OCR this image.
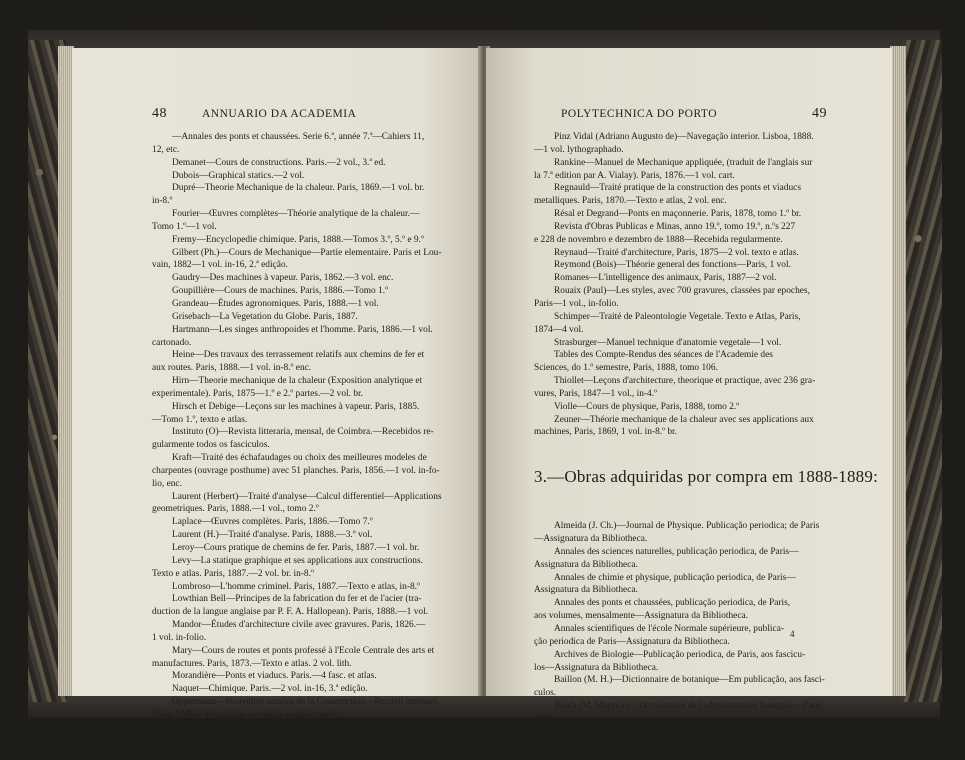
48	ANNUARIO DA ACADEMIA
—Annales des ponts et chaussées. Serie 6.ª, année 7.ª—Cahiers 11,
12, etc.
Demanet—Cours de constructions. Paris.—2 vol., 3.ª ed.
Dubois—Graphical statics.—2 vol.
Dupré—Theorie Mechanique de la chaleur. Paris, 1869.—1 vol. br.
in-8.º
Fourier—Œuvres complètes—Théorie analytique de la chaleur.—
Tomo 1.º—1 vol.
Fremy—Encyclopedie chimique. Paris, 1888.—Tomos 3.º, 5.º e 9.º
Gilbert (Ph.)—Cours de Mechanique—Partie elementaire. Paris et Lou-
vain, 1882—1 vol. in-16, 2.ª edição.
Gaudry—Des machines à vapeur. Paris, 1862.—3 vol. enc.
Goupillière—Cours de machines. Paris, 1886.—Tomo 1.º
Grandeau—Études agronomiques. Paris, 1888.—1 vol.
Grisebach—La Vegetation du Globe. Paris, 1887.
Hartmann—Les singes anthropoides et l'homme. Paris, 1886.—1 vol.
cartonado.
Heine—Des travaux des terrassement relatifs aux chemins de fer et
aux routes. Paris, 1888.—1 vol. in-8.º enc.
Hirn—Theorie mechanique de la chaleur (Exposition analytique et
experimentale). Paris, 1875—1.º e 2.º partes.—2 vol. br.
Hirsch et Debige—Leçons sur les machines à vapeur. Paris, 1885.
—Tomo 1.º, texto e atlas.
Instituto (O)—Revista litteraria, mensal, de Coimbra.—Recebidos re-
gularmente todos os fasciculos.
Kraft—Traité des échafaudages ou choix des meilleures modeles de
charpentes (ouvrage posthume) avec 51 planches. Paris, 1856.—1 vol. in-fo-
lio, enc.
Laurent (Herbert)—Traité d'analyse—Calcul differentiel—Applications
geometriques. Paris, 1888.—1 vol., tomo 2.º
Laplace—Œuvres complètes. Paris, 1886.—Tomo 7.º
Laurent (H.)—Traité d'analyse. Paris, 1888.—3.º vol.
Leroy—Cours pratique de chemins de fer. Paris, 1887.—1 vol. br.
Levy—La statique graphique et ses applications aux constructions.
Texto e atlas. Paris, 1887.—2 vol. br. in-8.º
Lombroso—L'homme criminel. Paris, 1887.—Texto e atlas, in-8.º
Lowthian Bell—Principes de la fabrication du fer et de l'acier (tra-
duction de la langue anglaise par P. F. A. Hallopean). Paris, 1888.—1 vol.
Mandor—Études d'architecture civile avec gravures. Paris, 1826.—
1 vol. in-folio.
Mary—Cours de routes et ponts professé à l'Ecole Centrale des arts et
manufactures. Paris, 1873.—Texto e atlas. 2 vol. lith.
Morandière—Ponts et viaducs. Paris.—4 fasc. et atlas.
Naquet—Chimique. Paris.—2 vol. in-16, 3.ª edição.
Oppermann—Nouvelles annales de la Construction—Recueil mensuel.
Paris, 1888.—Fasciculos recebidos regularmente.
—Portefeuille economique des Machines.—Idem.
Perquen et Damien—Introduction à la Physique experimentale.
Paris, 1888.—1 vol.
POLYTECHNICA DO PORTO	49
Pinz Vidal (Adriano Augusto de)—Navegação interior. Lisboa, 1888.
—1 vol. lythographado.
Rankine—Manuel de Mechanique appliquée, (traduit de l'anglais sur
la 7.ª edition par A. Vialay). Paris, 1876.—1 vol. cart.
Regnauld—Traité pratique de la construction des ponts et viaducs
metalliques. Paris, 1870.—Texto e atlas, 2 vol. enc.
Résal et Degrand—Ponts en maçonnerie. Paris, 1878, tomo 1.º br.
Revista d'Obras Publicas e Minas, anno 19.º, tomo 19.º, n.ºs 227
e 228 de novembro e dezembro de 1888—Recebida regularmente.
Reynaud—Traité d'architecture, Paris, 1875—2 vol. texto e atlas.
Reymond (Bois)—Théorie general des fonctions—Paris, 1 vol.
Romanes—L'intelligence des animaux, Paris, 1887—2 vol.
Rouaix (Paul)—Les styles, avec 700 gravures, classées par epoches,
Paris—1 vol., in-folio.
Schimper—Traité de Paleontologie Vegetale. Texto e Atlas, Paris,
1874—4 vol.
Strasburger—Manuel technique d'anatomie vegetale—1 vol.
Tables des Compte-Rendus des séances de l'Academie des
Sciences, do 1.º semestre, Paris, 1888, tomo 106.
Thiollet—Leçons d'architecture, theorique et practique, avec 236 gra-
vures, Paris, 1847—1 vol., in-4.º
Violle—Cours de physique, Paris, 1888, tomo 2.º
Zeuner—Théorie mechanique de la chaleur avec ses applications aux
machines, Paris, 1869, 1 vol. in-8.º br.
3.—Obras adquiridas por compra em 1888-1889:
Almeida (J. Ch.)—Journal de Physique. Publicação periodica; de Paris
—Assignatura da Bibliotheca.
Annales des sciences naturelles, publicação periodica, de Paris—
Assignatura da Bibliotheca.
Annales de chimie et physique, publicação periodica, de Paris—
Assignatura da Bibliotheca.
Annales des ponts et chaussées, publicação periodica, de Paris,
aos volumes, mensalmente—Assignatura da Bibliotheca.
Annales scientifiques de l'école Normale supérieure, publica-
ção periodica de Paris—Assignatura da Bibliotheca.
Archives de Biologie—Publicação periodica, de Paris, aos fascicu-
los—Assignatura da Bibliotheca.
Baillon (M. H.)—Dictionnaire de botanique—Em publicação, aos fasci-
culos.
Bloch (M. Maurice)—Dictionnaire de l'administration française—Paris,
1885.
Bulletin des sciences mathematiques, publicação periodica de
Paris—Assignatura da Bibliotheca.
4
